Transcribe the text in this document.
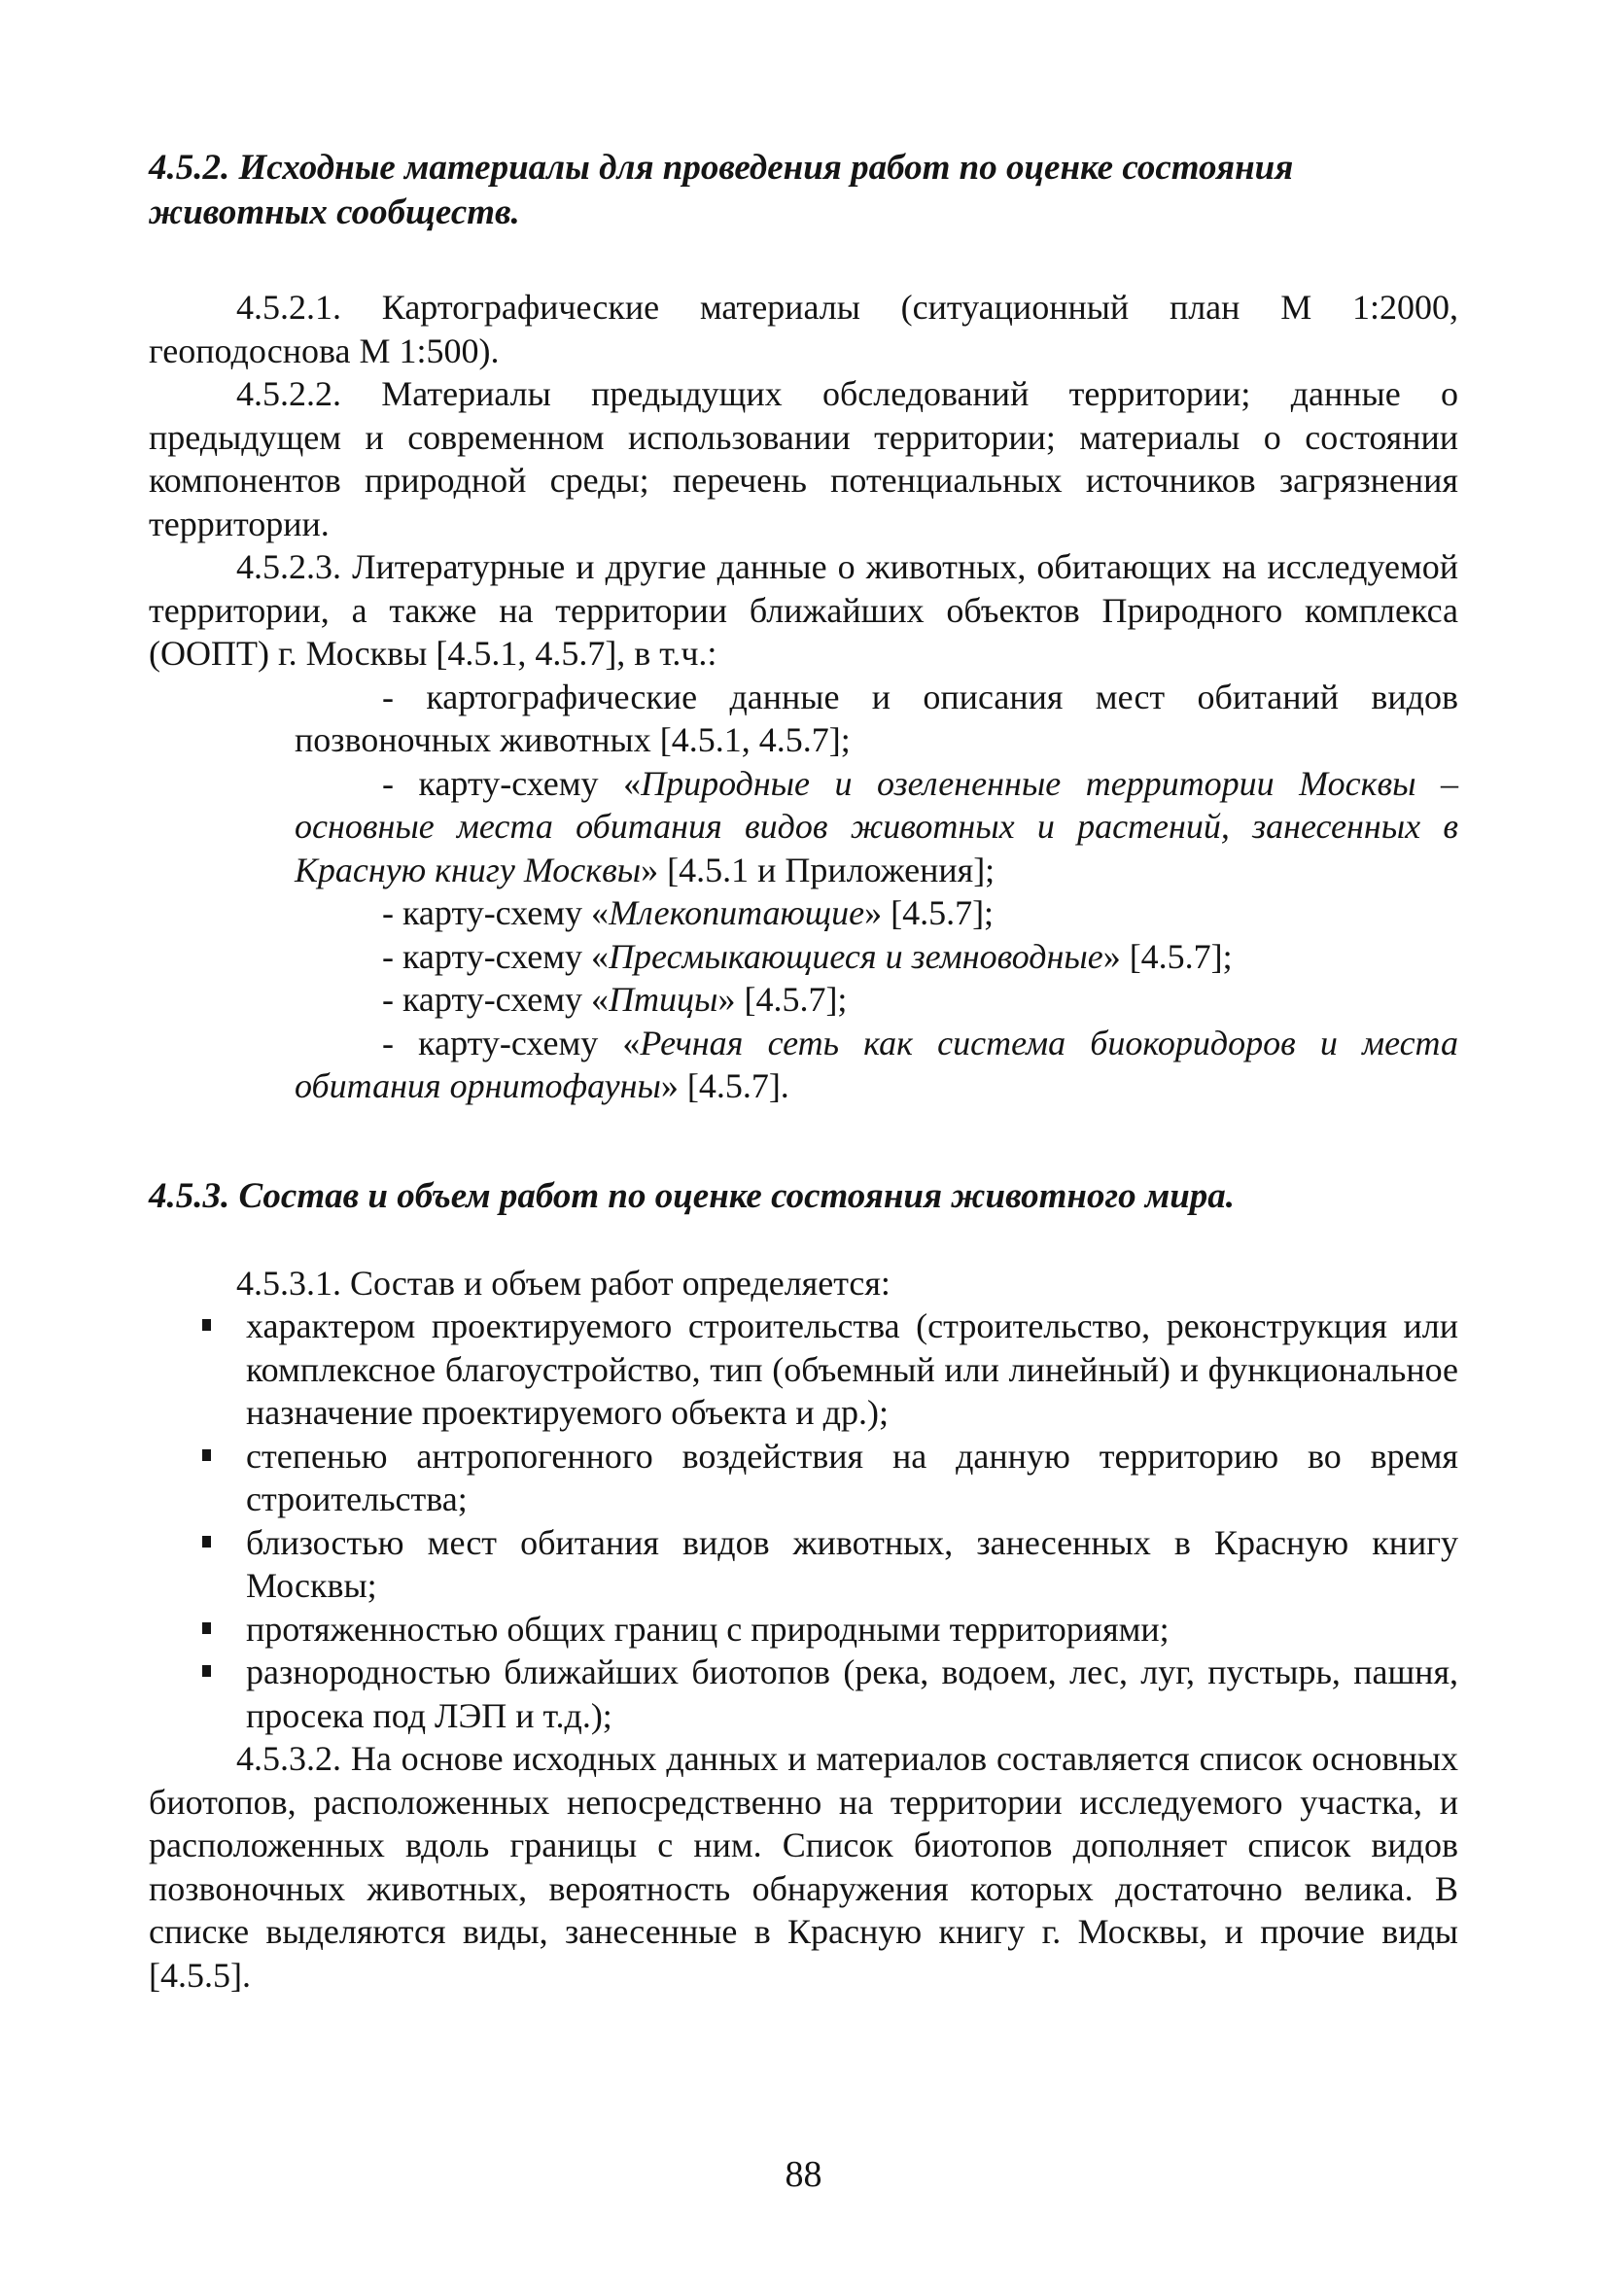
4.5.2. Исходные материалы для проведения работ по оценке состояния животных сообществ.

4.5.2.1. Картографические материалы (ситуационный план М 1:2000, геоподоснова М 1:500).

4.5.2.2. Материалы предыдущих обследований территории; данные о предыдущем и современном использовании территории; материалы о состоянии компонентов природной среды; перечень потенциальных источников загрязнения территории.

4.5.2.3. Литературные и другие данные о животных, обитающих на исследуемой территории, а также на территории ближайших объектов Природного комплекса (ООПТ) г. Москвы [4.5.1, 4.5.7], в т.ч.:

- картографические данные и описания мест обитаний видов позвоночных животных [4.5.1, 4.5.7];

- карту-схему «Природные и озелененные территории Москвы – основные места обитания видов животных и растений, занесенных в Красную книгу Москвы» [4.5.1 и Приложения];

- карту-схему «Млекопитающие» [4.5.7];

- карту-схему «Пресмыкающиеся и земноводные» [4.5.7];

- карту-схему «Птицы» [4.5.7];

- карту-схему «Речная сеть как система биокоридоров и места обитания орнитофауны» [4.5.7].

4.5.3. Состав и объем работ по оценке состояния животного мира.

4.5.3.1. Состав и объем работ определяется:

характером проектируемого строительства (строительство, реконструкция или комплексное благоустройство, тип (объемный или линейный) и функциональное назначение проектируемого объекта и др.);
степенью антропогенного воздействия на данную территорию во время строительства;
близостью мест обитания видов животных, занесенных в Красную книгу Москвы;
протяженностью общих границ с природными территориями;
разнородностью ближайших биотопов (река, водоем, лес, луг, пустырь, пашня, просека под ЛЭП и т.д.);

4.5.3.2. На основе исходных данных и материалов составляется список основных биотопов, расположенных непосредственно на территории исследуемого участка, и расположенных вдоль границы с ним. Список биотопов дополняет список видов позвоночных животных, вероятность обнаружения которых достаточно велика. В списке выделяются виды, занесенные в Красную книгу г. Москвы, и прочие виды [4.5.5].

88
